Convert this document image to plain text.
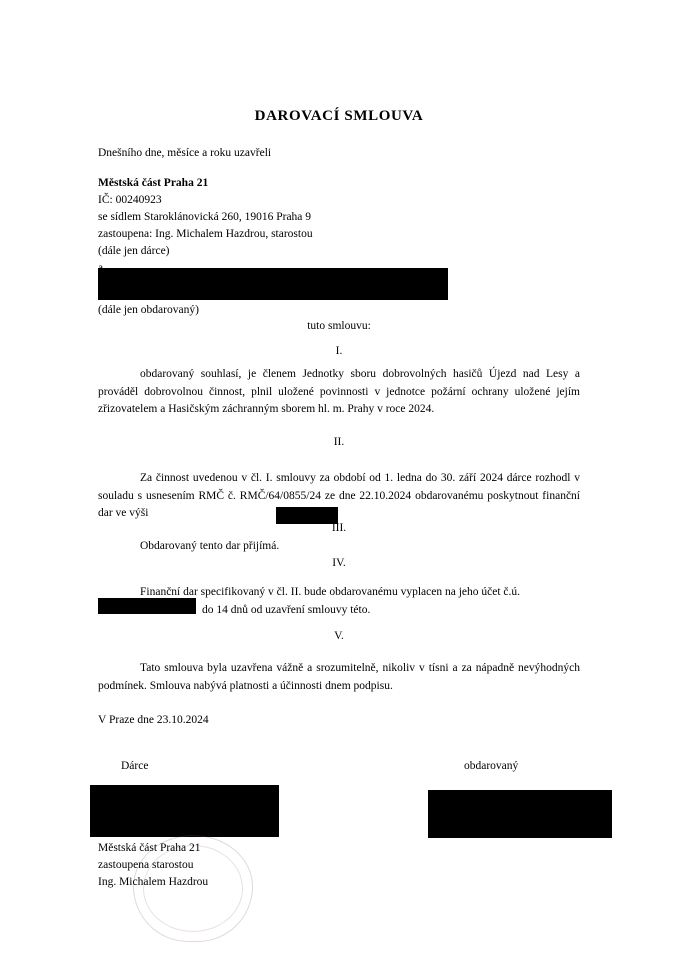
DAROVACÍ SMLOUVA
Dnešního dne, měsíce a roku uzavřeli
Městská část Praha 21
IČ: 00240923
se sídlem Staroklánovická 260, 19016 Praha 9
zastoupena: Ing. Michalem Hazdrou, starostou
(dále jen dárce)
(dále jen obdarovaný)
tuto smlouvu:
I.
obdarovaný souhlasí, je členem Jednotky sboru dobrovolných hasičů Újezd nad Lesy a prováděl dobrovolnou činnost, plnil uložené povinnosti v jednotce požární ochrany uložené jejím zřizovatelem a Hasičským záchranným sborem hl. m. Prahy v roce 2024.
II.
Za činnost uvedenou v čl. I. smlouvy za období od 1. ledna do 30. září 2024 dárce rozhodl v souladu s usnesením RMČ č. RMČ/64/0855/24 ze dne 22.10.2024 obdarovanému poskytnout finanční dar ve výši
III.
Obdarovaný tento dar přijímá.
IV.
Finanční dar specifikovaný v čl. II. bude obdarovanému vyplacen na jeho účet č.ú.
do 14 dnů od uzavření smlouvy této.
V.
Tato smlouva byla uzavřena vážně a srozumitelně, nikoliv v tísni a za nápadně nevýhodných podmínek. Smlouva nabývá platnosti a účinnosti dnem podpisu.
V Praze dne 23.10.2024
Dárce	obdarovaný
Městská část Praha 21
zastoupena starostou
Ing. Michalem Hazdrou
